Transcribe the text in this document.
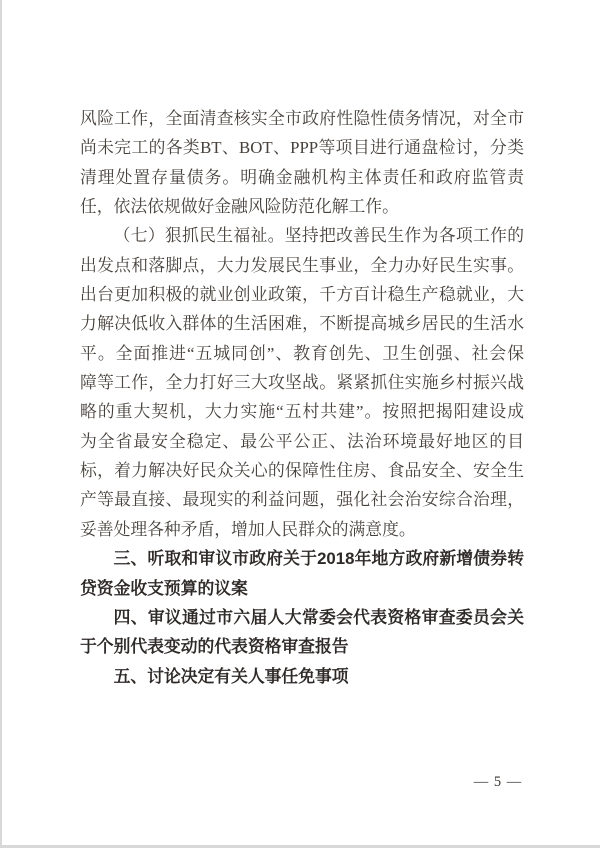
风险工作，全面清查核实全市政府性隐性债务情况，对全市
尚未完工的各类BT、BOT、PPP等项目进行通盘检讨，分类
清理处置存量债务。明确金融机构主体责任和政府监管责
任，依法依规做好金融风险防范化解工作。
（七）狠抓民生福祉。坚持把改善民生作为各项工作的
出发点和落脚点，大力发展民生事业，全力办好民生实事。
出台更加积极的就业创业政策，千方百计稳生产稳就业，大
力解决低收入群体的生活困难，不断提高城乡居民的生活水
平。全面推进“五城同创”、教育创先、卫生创强、社会保
障等工作，全力打好三大攻坚战。紧紧抓住实施乡村振兴战
略的重大契机，大力实施“五村共建”。按照把揭阳建设成
为全省最安全稳定、最公平公正、法治环境最好地区的目
标，着力解决好民众关心的保障性住房、食品安全、安全生
产等最直接、最现实的利益问题，强化社会治安综合治理，
妥善处理各种矛盾，增加人民群众的满意度。
三、听取和审议市政府关于2018年地方政府新增债券转
贷资金收支预算的议案
四、审议通过市六届人大常委会代表资格审查委员会关
于个别代表变动的代表资格审查报告
五、讨论决定有关人事任免事项
— 5 —
